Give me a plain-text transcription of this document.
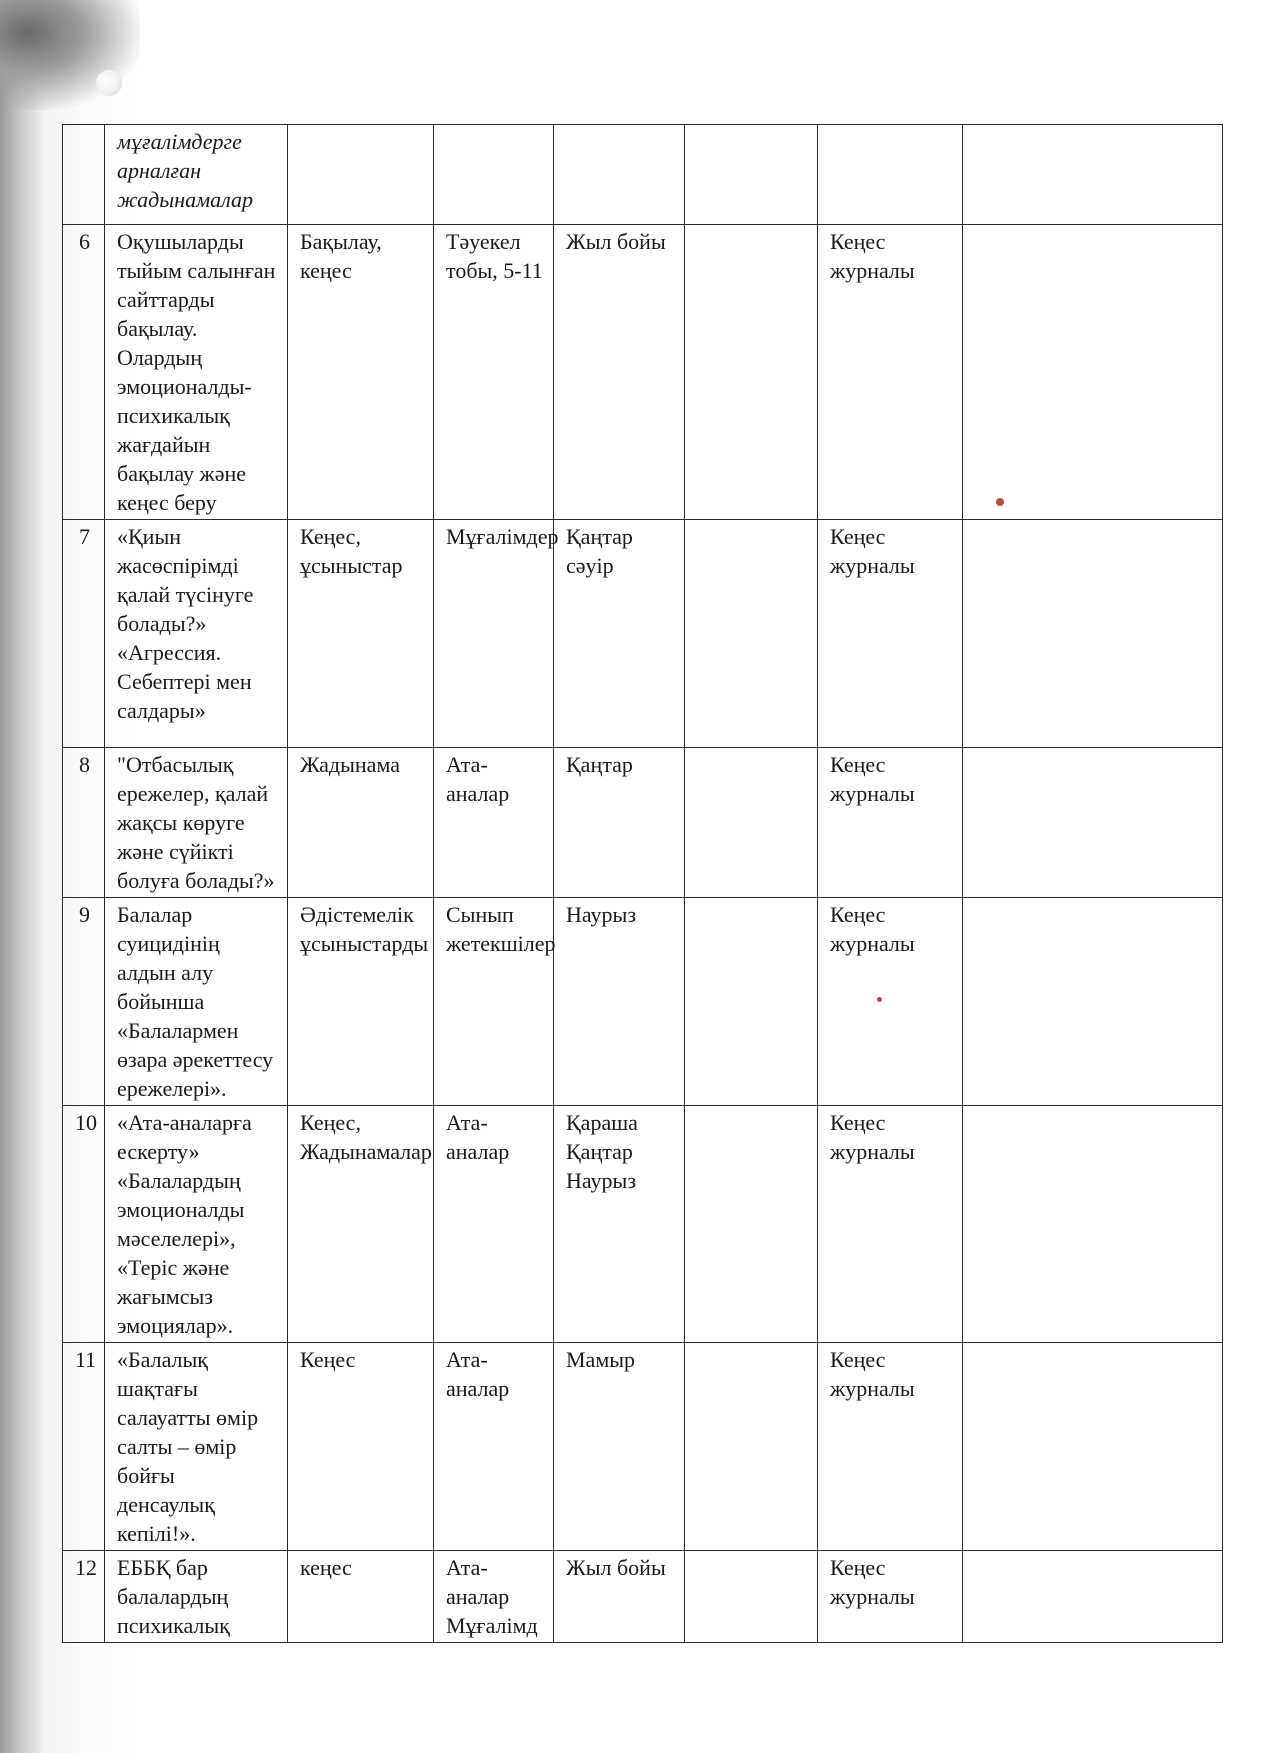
	мұғалімдерге арналған жадынамалар						
6	Оқушыларды тыйым салынған сайттарды бақылау. Олардың эмоционалды-психикалық жағдайын бақылау және кеңес беру	Бақылау, кеңес	Тәуекел тобы, 5-11	Жыл бойы		Кеңес журналы	
7	«Қиын жасөспірімді қалай түсінуге болады?» «Агрессия. Себептері мен салдары»	Кеңес, ұсыныстар	Мұғалімдер	Қаңтар сәуір		Кеңес журналы	
8	"Отбасылық ережелер, қалай жақсы көруге және сүйікті болуға болады?»	Жадынама	Ата-аналар	Қаңтар		Кеңес журналы	
9	Балалар суицидінің алдын алу бойынша «Балалармен өзара әрекеттесу ережелері».	Әдістемелік ұсыныстарды	Сынып жетекшілер	Наурыз		Кеңес журналы	
10	«Ата-аналарға ескерту» «Балалардың эмоционалды мәселелері», «Теріс және жағымсыз эмоциялар».	Кеңес, Жадынамалар	Ата-аналар	Қараша Қаңтар Наурыз		Кеңес журналы	
11	«Балалық шақтағы салауатты өмір салты – өмір бойғы денсаулық кепілі!».	Кеңес	Ата-аналар	Мамыр		Кеңес журналы	
12	ЕББҚ бар балалардың психикалық	кеңес	Ата-аналар Мұғалімд	Жыл бойы		Кеңес журналы	
